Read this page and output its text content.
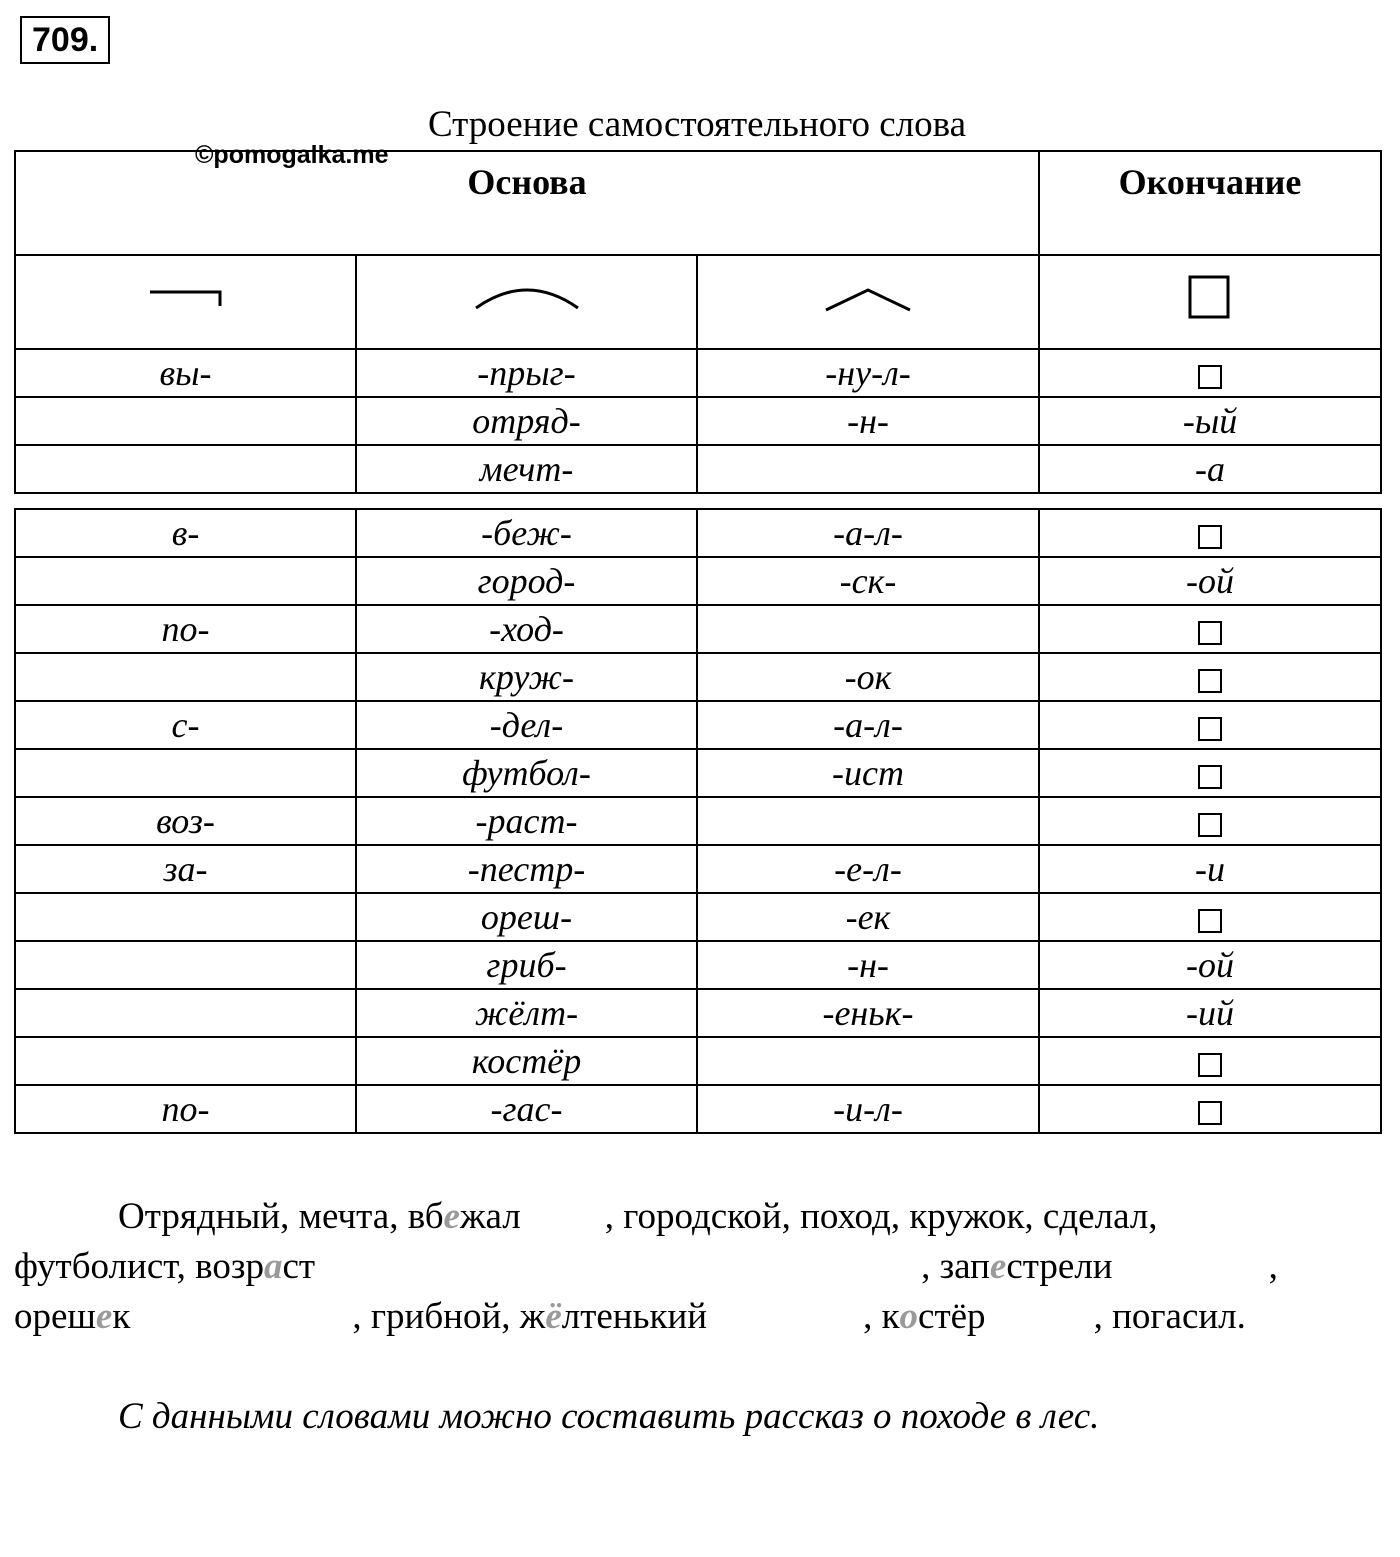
709.
Строение самостоятельного слова
©pomogalka.me
Основа			Окончание

вы-	-прыг-	-ну-л-	
	отряд-	-н-	-ый
	мечт-		-а
в-	-беж-	-а-л-	
	город-	-ск-	-ой
по-	-ход-		
	круж-	-ок	
с-	-дел-	-а-л-	
	футбол-	-ист	
воз-	-раст-		
за-	-пестр-	-е-л-	-и
	ореш-	-ек	
	гриб-	-н-	-ой
	жёлт-	-еньк-	-ий
	костёр		
по-	-гас-	-и-л-	

Отрядный, мечта, вбежал , городской, поход, кружок, сделал,

футболист, возраст	, запестрели	,

орешек	, грибной, жёлтенький	, костёр	, погасил.

С данными словами можно составить рассказ о походе в лес.
